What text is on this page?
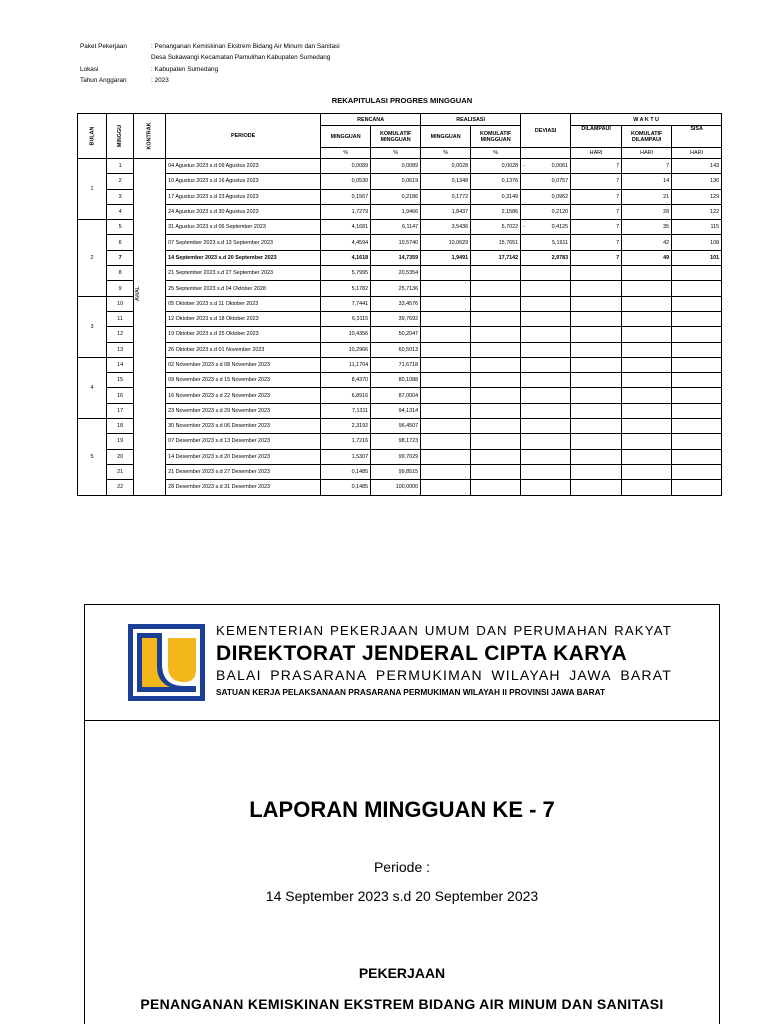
Paket Pekerjaan	: Penanganan Kemiskinan Ekstrem Bidang Air Minum dan Sanitasi
Desa Sukawangi Kecamatan Pamulihan Kabupaten Sumedang
Lokasi	: Kabupaten Sumedang
Tahun Anggaran	: 2023
REKAPITULASI PROGRES MINGGUAN
BULAN	MINGGU	KONTRAK	PERIODE	RENCANA		REALISASI		DEVIASI	W A K T U		
				MINGGUAN	KOMULATIF MINGGUAN	MINGGUAN	KOMULATIF MINGGUAN		DILAMPAUI	KOMULATIF DILAMPAUI	SISA
				%	%	%	%		HARI	HARI	HARI
1	1	AWAL	04 Agustus 2023 s.d 09 Agustus 2023	0,0089	0,0089	0,0028	0,0028	- 0,0061	7	7	143
	2		10 Agustus 2023 s.d 16 Agustus 2023	0,0530	0,0619	0,1348	0,1376	0,0757	7	14	136
	3		17 Agustus 2023 s.d 23 Agustus 2023	0,1567	0,2186	0,1772	0,3149	0,0962	7	21	129
	4		24 Agustus 2023 s.d 30 Agustus 2023	1,7279	1,9466	1,8437	2,1586	0,2120	7	28	122
2	5		31 Agustus 2023 s.d 06 September 2023	4,1681	6,1147	3,5436	5,7022	- 0,4125	7	35	115
	6		07 September 2023 s.d 13 September 2023	4,4594	10,5740	10,0629	15,7651	5,1911	7	42	108
	7		14 September 2023 s.d 20 September 2023	4,1618	14,7359	1,9491	17,7142	2,9783	7	49	101
	8		21 September 2023 s.d 27 September 2023	5,7995	20,5354						
	9		25 September 2023 s.d 04 Oktober 2028	5,1782	25,7136						
3	10		05 Oktober 2023 s.d 11 Oktober 2023	7,7441	33,4576						
	11		12 Oktober 2023 s.d 18 Oktober 2023	6,3115	39,7692						
	12		19 Oktober 2023 s.d 25 Oktober 2023	10,4356	50,2047						
	13		26 Oktober 2023 s.d 01 November 2023	10,2966	60,5013						
4	14		02 November 2023 s.d 08 November 2023	11,1704	71,6718						
	15		09 November 2023 s.d 15 November 2023	8,4370	80,1088						
	16		16 November 2023 s.d 22 November 2023	6,8916	87,0004						
	17		23 November 2023 s.d 29 November 2023	7,1311	94,1314						
5	18		30 November 2023 s.d 06 Desember 2023	2,3192	96,4507						
	19		07 Desember 2023 s.d 13 Desember 2023	1,7216	98,1723						
	20		14 Desember 2023 s.d 20 Desember 2023	1,5307	99,7029						
	21		21 Desember 2023 s.d 27 Desember 2023	0,1485	99,8515						
	22		28 Desember 2023 s.d 31 Desember 2023	0,1485	100,0000						
KEMENTERIAN PEKERJAAN UMUM DAN PERUMAHAN RAKYAT
DIREKTORAT JENDERAL CIPTA KARYA
BALAI PRASARANA PERMUKIMAN WILAYAH JAWA BARAT
SATUAN KERJA PELAKSANAAN PRASARANA PERMUKIMAN WILAYAH II PROVINSI JAWA BARAT
LAPORAN MINGGUAN KE - 7
Periode :
14 September 2023 s.d 20 September 2023
PEKERJAAN
PENANGANAN KEMISKINAN EKSTREM BIDANG AIR MINUM DAN SANITASI
